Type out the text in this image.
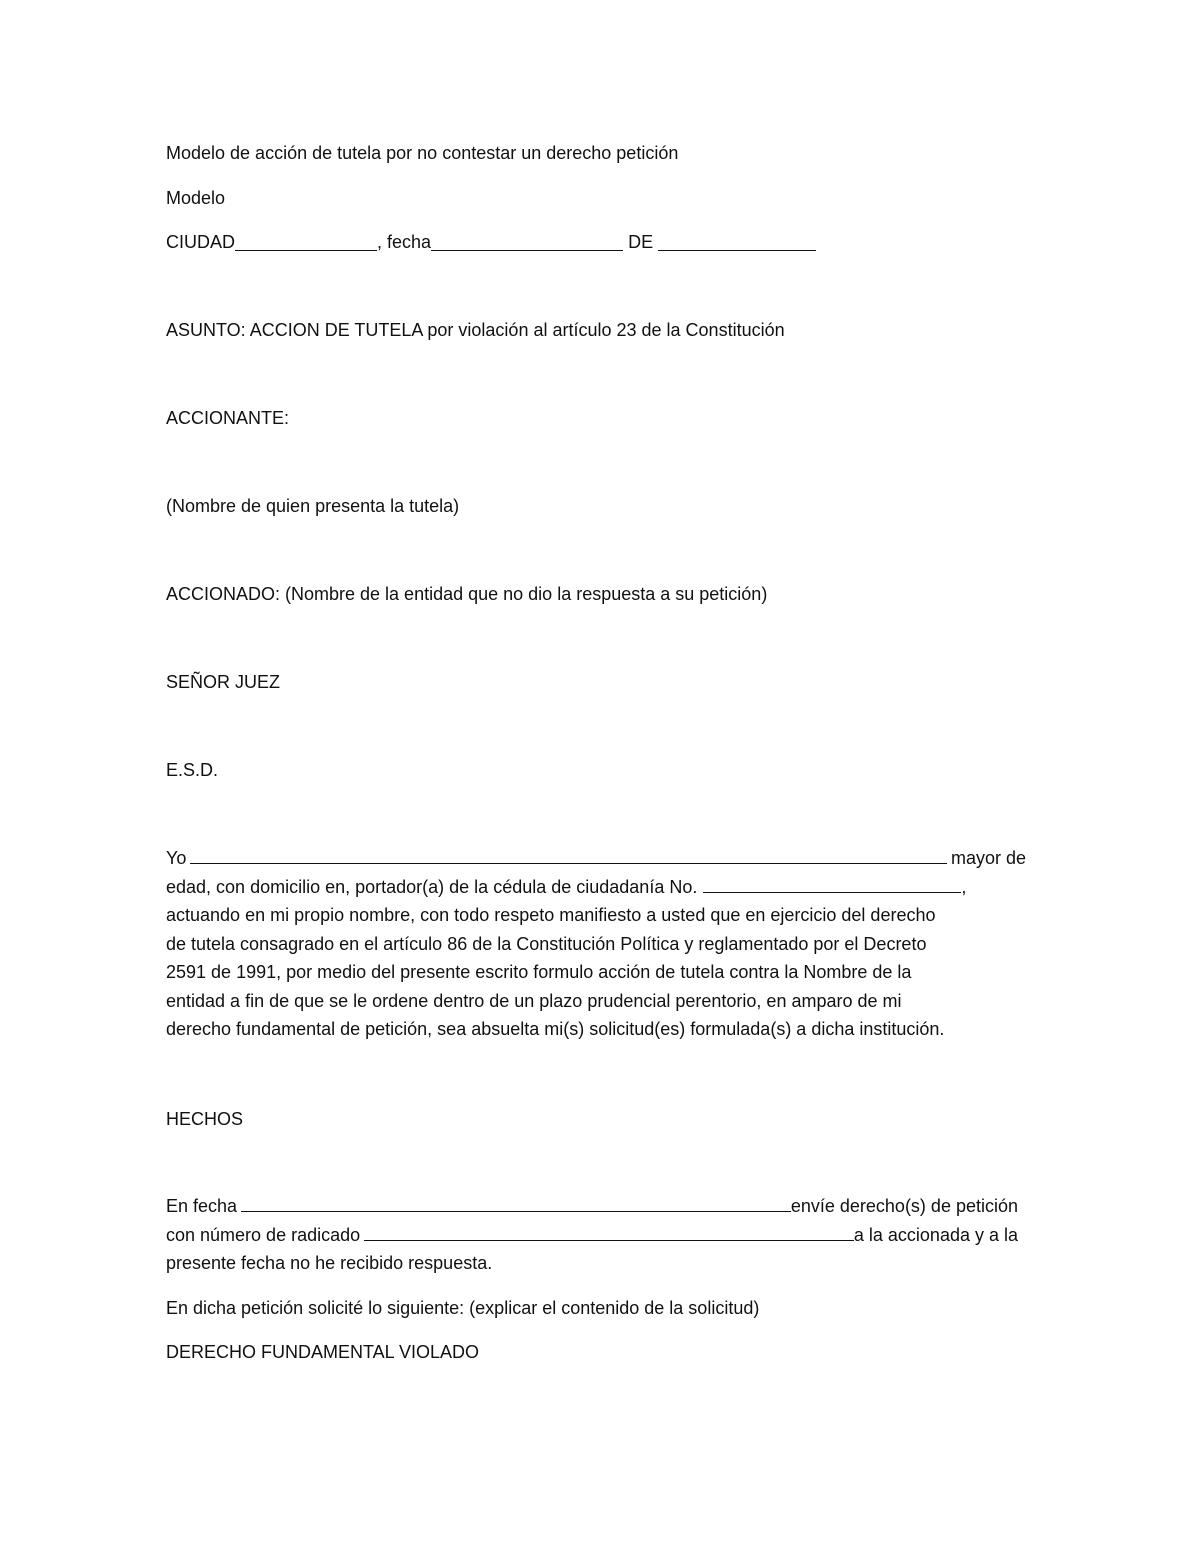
Modelo de acción de tutela por no contestar un derecho petición
Modelo
CIUDAD	, fecha	DE
ASUNTO: ACCION DE TUTELA por violación al artículo 23 de la Constitución
ACCIONANTE:
(Nombre de quien presenta la tutela)
ACCIONADO: (Nombre de la entidad que no dio la respuesta a su petición)
SEÑOR JUEZ
E.S.D.
Yo	mayor de
edad, con domicilio en, portador(a) de la cédula de ciudadanía No.	,
actuando en mi propio nombre, con todo respeto manifiesto a usted que en ejercicio del derecho
de tutela consagrado en el artículo 86 de la Constitución Política y reglamentado por el Decreto
2591 de 1991, por medio del presente escrito formulo acción de tutela contra la Nombre de la
entidad a fin de que se le ordene dentro de un plazo prudencial perentorio, en amparo de mi
derecho fundamental de petición, sea absuelta mi(s) solicitud(es) formulada(s) a dicha institución.
HECHOS
En fecha	envíe derecho(s) de petición
con número de radicado	a la accionada y a la
presente fecha no he recibido respuesta.
En dicha petición solicité lo siguiente: (explicar el contenido de la solicitud)
DERECHO FUNDAMENTAL VIOLADO
